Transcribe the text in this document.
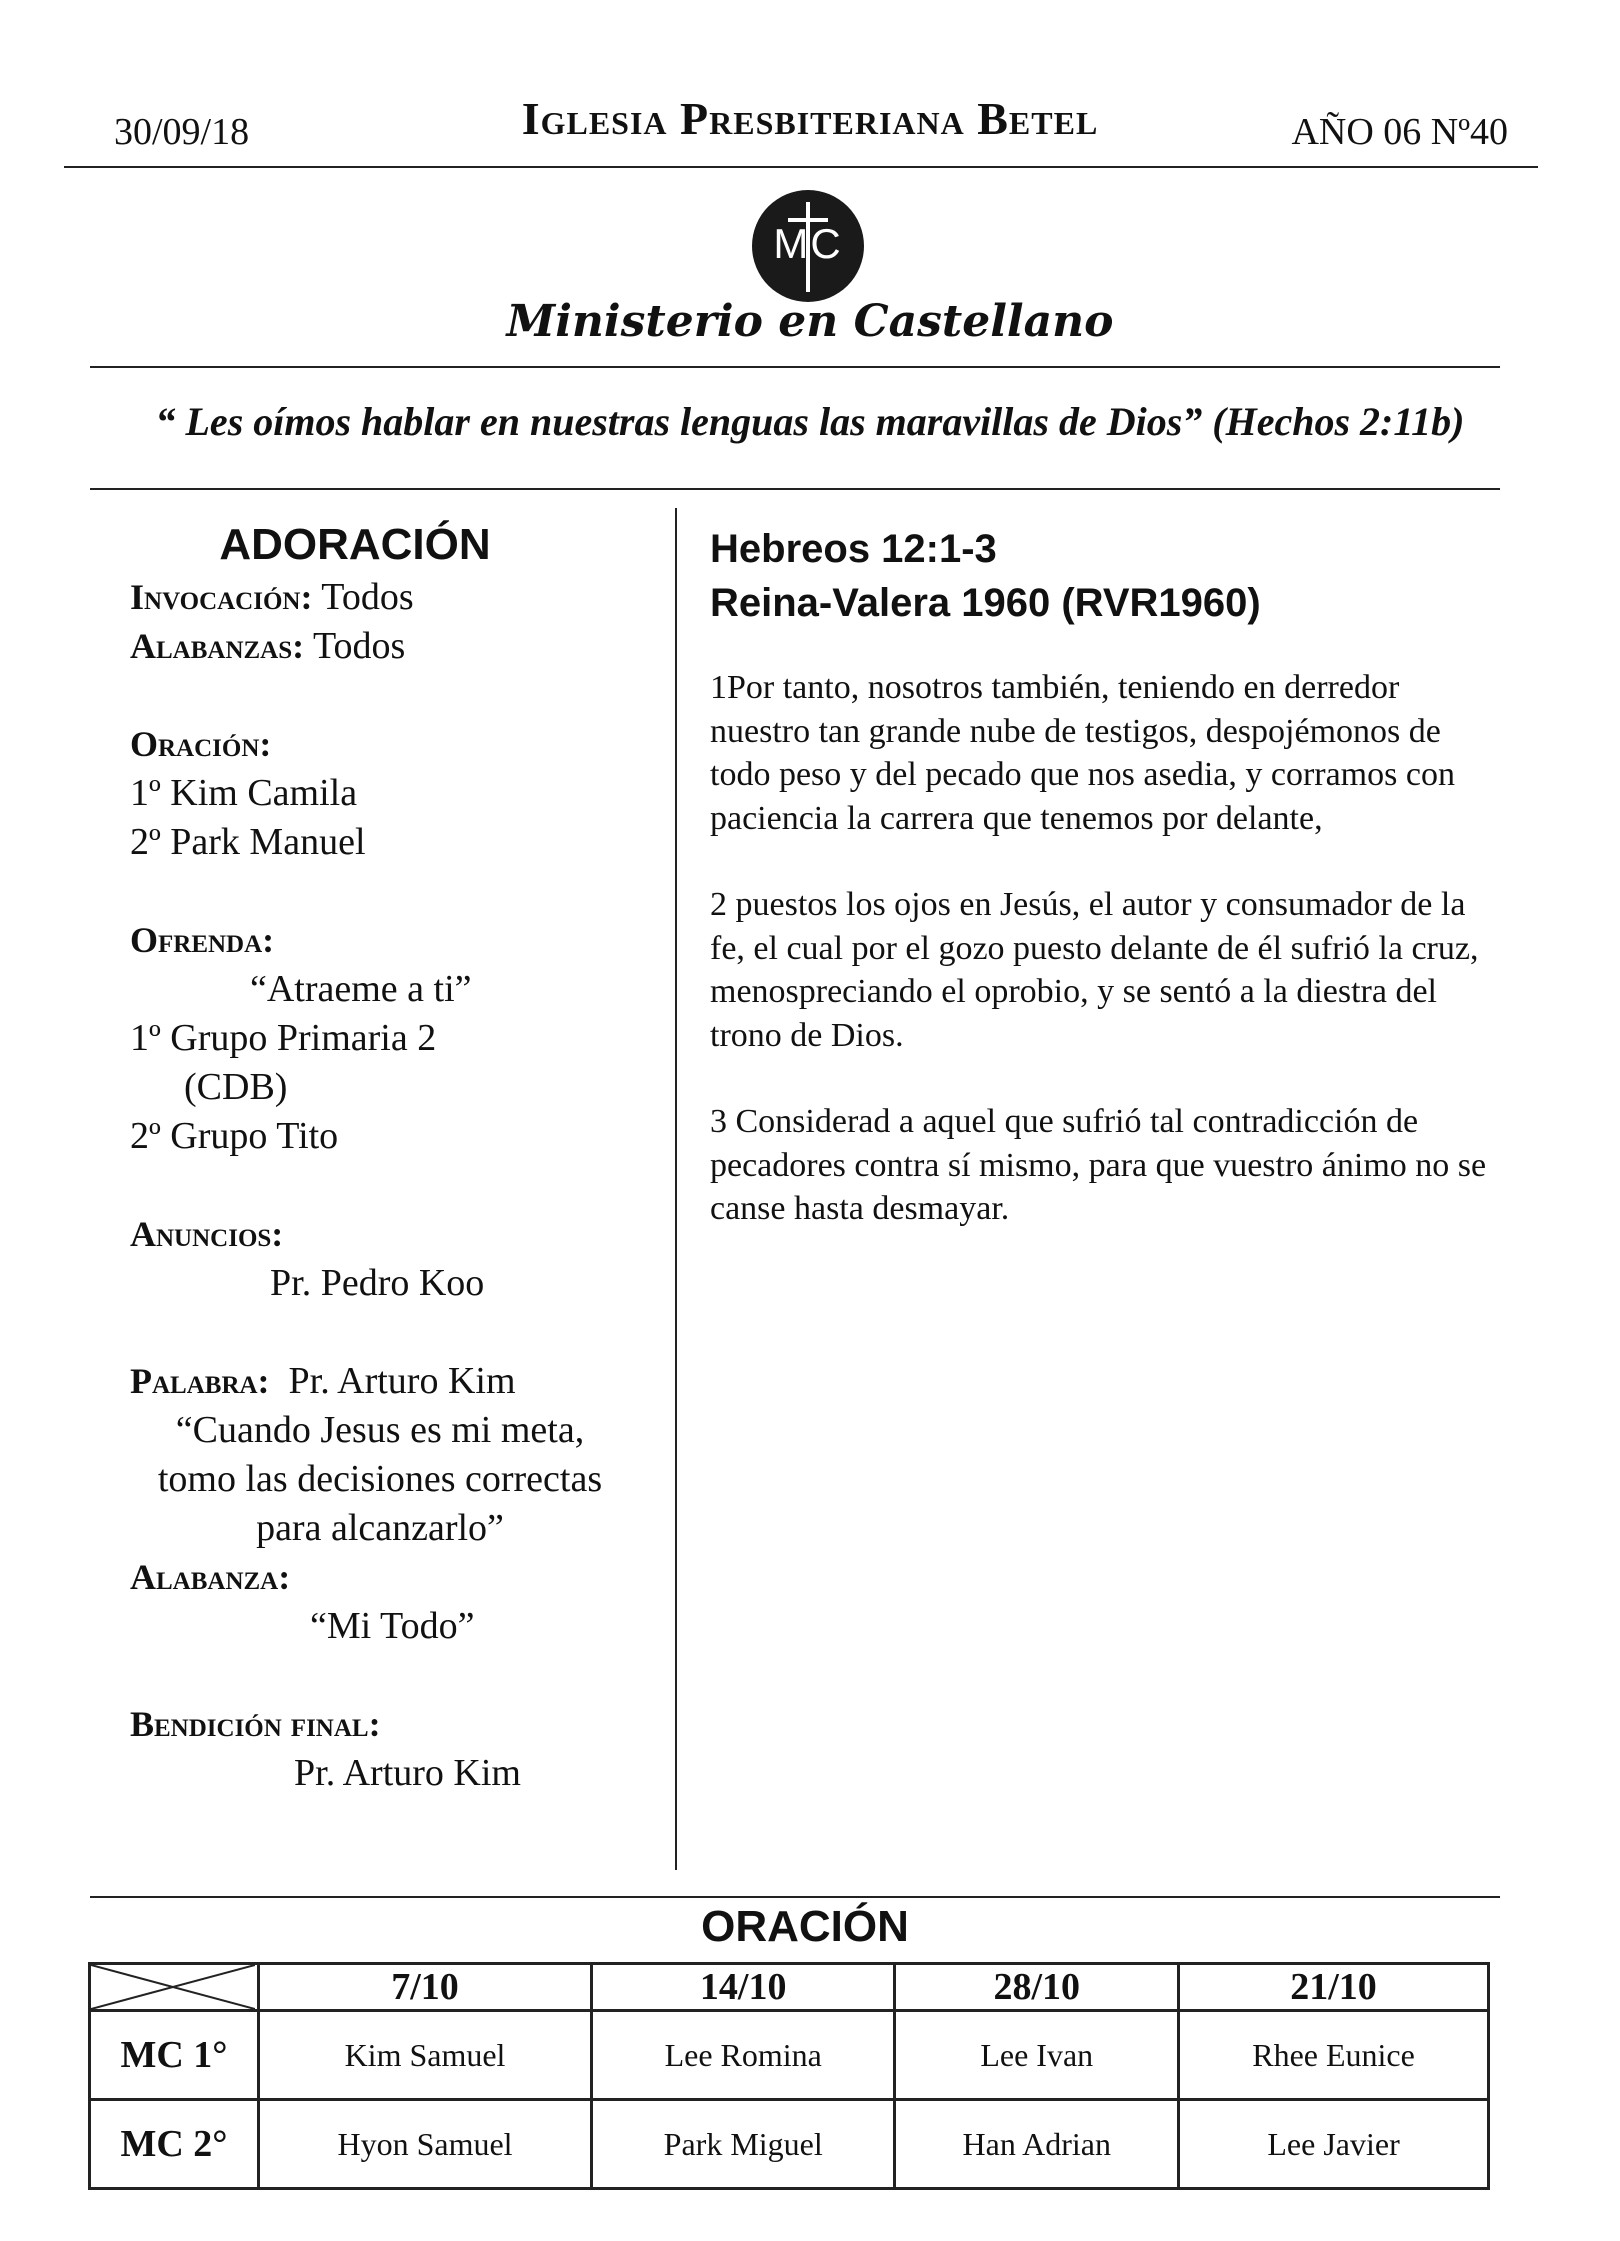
30/09/18	Iglesia Presbiteriana Betel	AÑO 06 Nº40
MC
Ministerio en Castellano
“ Les oímos hablar en nuestras lenguas las maravillas de Dios” (Hechos 2:11b)
ADORACIÓN
Invocación: Todos
Alabanzas: Todos
Oración:
1º Kim Camila
2º Park Manuel
Ofrenda:
“Atraeme a ti”
1º Grupo Primaria 2
(CDB)
2º Grupo Tito
Anuncios:
Pr. Pedro Koo
Palabra: Pr. Arturo Kim
“Cuando Jesus es mi meta,
tomo las decisiones correctas
para alcanzarlo”
Alabanza:
“Mi Todo”
Bendición final:
Pr. Arturo Kim
Hebreos 12:1-3
Reina-Valera 1960 (RVR1960)

1Por tanto, nosotros también, teniendo en derredor nuestro tan grande nube de testigos, despojémonos de todo peso y del pecado que nos asedia, y corramos con paciencia la carrera que tenemos por delante,

2 puestos los ojos en Jesús, el autor y consumador de la fe, el cual por el gozo puesto delante de él sufrió la cruz, menospreciando el oprobio, y se sentó a la diestra del trono de Dios.

3 Considerad a aquel que sufrió tal contradicción de pecadores contra sí mismo, para que vuestro ánimo no se canse hasta desmayar.

ORACIÓN
	7/10	14/10	28/10	21/10
MC 1°	Kim Samuel	Lee Romina	Lee Ivan	Rhee Eunice
MC 2°	Hyon Samuel	Park Miguel	Han Adrian	Lee Javier
